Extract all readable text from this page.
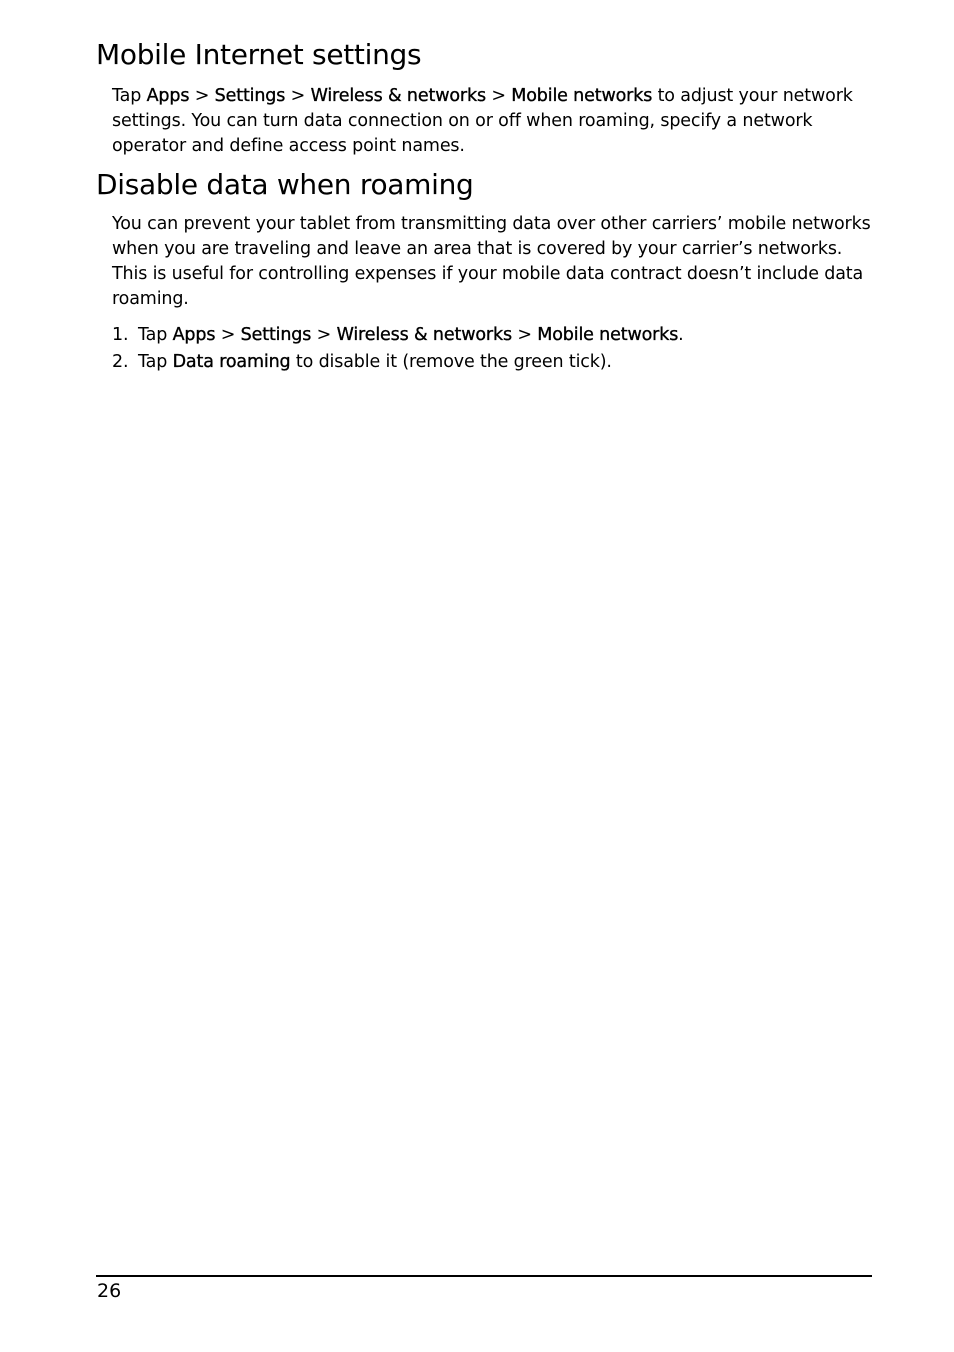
Mobile Internet settings

Tap Apps > Settings > Wireless & networks > Mobile networks to adjust your network settings. You can turn data connection on or off when roaming, specify a network operator and define access point names.

Disable data when roaming

You can prevent your tablet from transmitting data over other carriers’ mobile networks when you are traveling and leave an area that is covered by your carrier’s networks. This is useful for controlling expenses if your mobile data contract doesn’t include data roaming.

1. Tap Apps > Settings > Wireless & networks > Mobile networks.
2. Tap Data roaming to disable it (remove the green tick).
26
